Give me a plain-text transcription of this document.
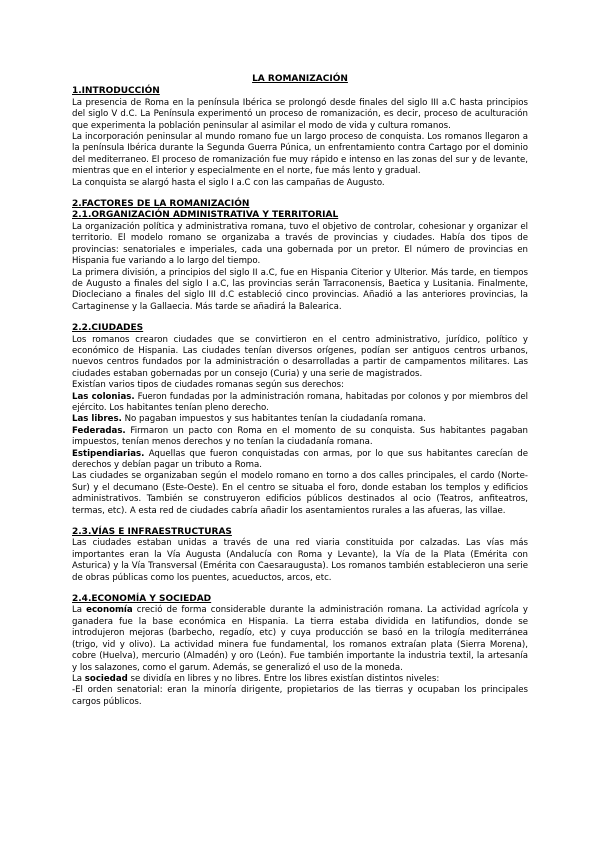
LA ROMANIZACIÓN
1.INTRODUCCIÓN

La presencia de Roma en la península Ibérica se prolongó desde finales del siglo III a.C hasta principios del siglo V d.C. La Península experimentó un proceso de romanización, es decir, proceso de aculturación que experimenta la población peninsular al asimilar el modo de vida y cultura romanos.

La incorporación peninsular al mundo romano fue un largo proceso de conquista. Los romanos llegaron a la península Ibérica durante la Segunda Guerra Púnica, un enfrentamiento contra Cartago por el dominio del mediterraneo. El proceso de romanización fue muy rápido e intenso en las zonas del sur y de levante, mientras que en el interior y especialmente en el norte, fue más lento y gradual.

La conquista se alargó hasta el siglo I a.C con las campañas de Augusto.

2.FACTORES DE LA ROMANIZACIÓN
2.1.ORGANIZACIÓN ADMINISTRATIVA Y TERRITORIAL

La organización política y administrativa romana, tuvo el objetivo de controlar, cohesionar y organizar el territorio. El modelo romano se organizaba a través de provincias y ciudades. Había dos tipos de provincias: senatoriales e imperiales, cada una gobernada por un pretor. El número de provincias en Hispania fue variando a lo largo del tiempo.

La primera división, a principios del siglo II a.C, fue en Hispania Citerior y Ulterior. Más tarde, en tiempos de Augusto a finales del siglo I a.C, las provincias serán Tarraconensis, Baetica y Lusitania. Finalmente, Diocleciano a finales del siglo III d.C estableció cinco provincias. Añadió a las anteriores provincias, la Cartaginense y la Gallaecia. Más tarde se añadirá la Balearica.

2.2.CIUDADES

Los romanos crearon ciudades que se convirtieron en el centro administrativo, jurídico, político y económico de Hispania. Las ciudades tenían diversos orígenes, podían ser antiguos centros urbanos, nuevos centros fundados por la administración o desarrolladas a partir de campamentos militares. Las ciudades estaban gobernadas por un consejo (Curia) y una serie de magistrados.

Existían varios tipos de ciudades romanas según sus derechos:

Las colonias. Fueron fundadas por la administración romana, habitadas por colonos y por miembros del ejército. Los habitantes tenían pleno derecho.

Las libres. No pagaban impuestos y sus habitantes tenían la ciudadanía romana.

Federadas. Firmaron un pacto con Roma en el momento de su conquista. Sus habitantes pagaban impuestos, tenían menos derechos y no tenían la ciudadanía romana.

Estipendiarias. Aquellas que fueron conquistadas con armas, por lo que sus habitantes carecían de derechos y debían pagar un tributo a Roma.

Las ciudades se organizaban según el modelo romano en torno a dos calles principales, el cardo (Norte-Sur) y el decumano (Este-Oeste). En el centro se situaba el foro, donde estaban los templos y edificios administrativos. También se construyeron edificios públicos destinados al ocio (Teatros, anfiteatros, termas, etc). A esta red de ciudades cabría añadir los asentamientos rurales a las afueras, las villae.

2.3.VÍAS E INFRAESTRUCTURAS

Las ciudades estaban unidas a través de una red viaria constituida por calzadas. Las vías más importantes eran la Vía Augusta (Andalucía con Roma y Levante), la Vía de la Plata (Emérita con Asturica) y la Vía Transversal (Emérita con Caesaraugusta). Los romanos también establecieron una serie de obras públicas como los puentes, acueductos, arcos, etc.

2.4.ECONOMÍA Y SOCIEDAD

La economía creció de forma considerable durante la administración romana. La actividad agrícola y ganadera fue la base económica en Hispania. La tierra estaba dividida en latifundios, donde se introdujeron mejoras (barbecho, regadío, etc) y cuya producción se basó en la trilogía mediterránea (trigo, vid y olivo). La actividad minera fue fundamental, los romanos extraían plata (Sierra Morena), cobre (Huelva), mercurio (Almadén) y oro (León). Fue también importante la industria textil, la artesanía y los salazones, como el garum. Además, se generalizó el uso de la moneda.

La sociedad se dividía en libres y no libres. Entre los libres existían distintos niveles:

-El orden senatorial: eran la minoría dirigente, propietarios de las tierras y ocupaban los principales cargos públicos.
